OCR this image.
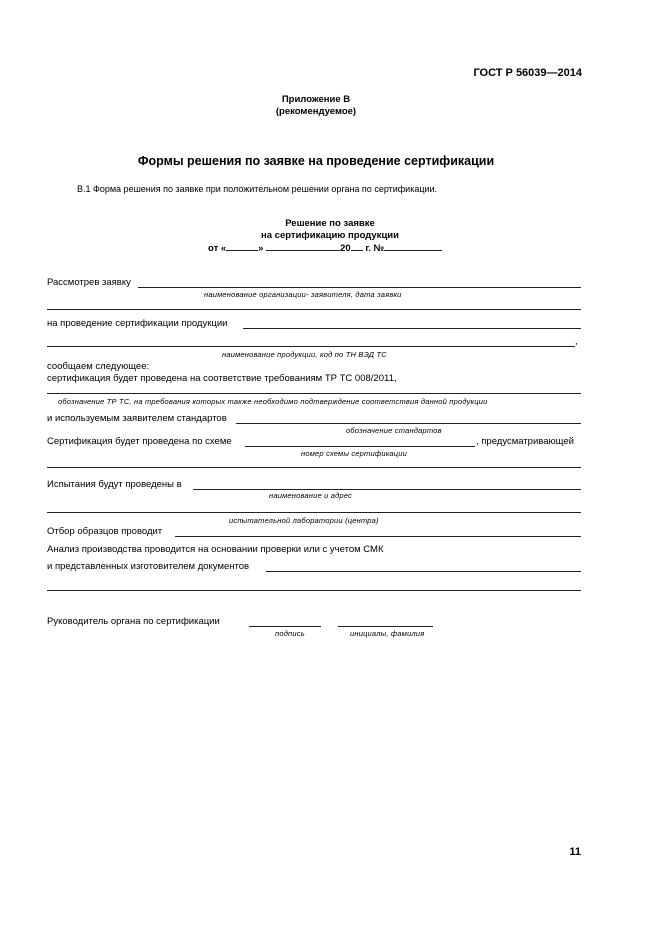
ГОСТ Р 56039—2014
Приложение В
(рекомендуемое)
Формы решения по заявке на проведение сертификации
В.1 Форма решения по заявке при положительном решении органа по сертификации.
Решение по заявке
на сертификацию продукции
от «	»	20 г. №
Рассмотрев заявку
наименование организации- заявителя, дата заявки
на проведение сертификации продукции
,
наименование продукции, код по ТН ВЭД ТС
сообщаем следующее:
сертификация будет проведена на соответствие требованиям ТР ТС 008/2011,
обозначение ТР ТС, на требования которых также необходимо подтверждение соответствия данной продукции
и используемым заявителем стандартов
обозначение стандартов
Сертификация будет проведена по схеме	, предусматривающей
номер схемы сертификации
Испытания будут проведены в
наименование и адрес
испытательной лаборатории (центра)
Отбор образцов проводит
Анализ производства проводится на основании проверки или с учетом СМК
и представленных изготовителем документов
Руководитель органа по сертификации
подпись	инициалы, фамилия
11
